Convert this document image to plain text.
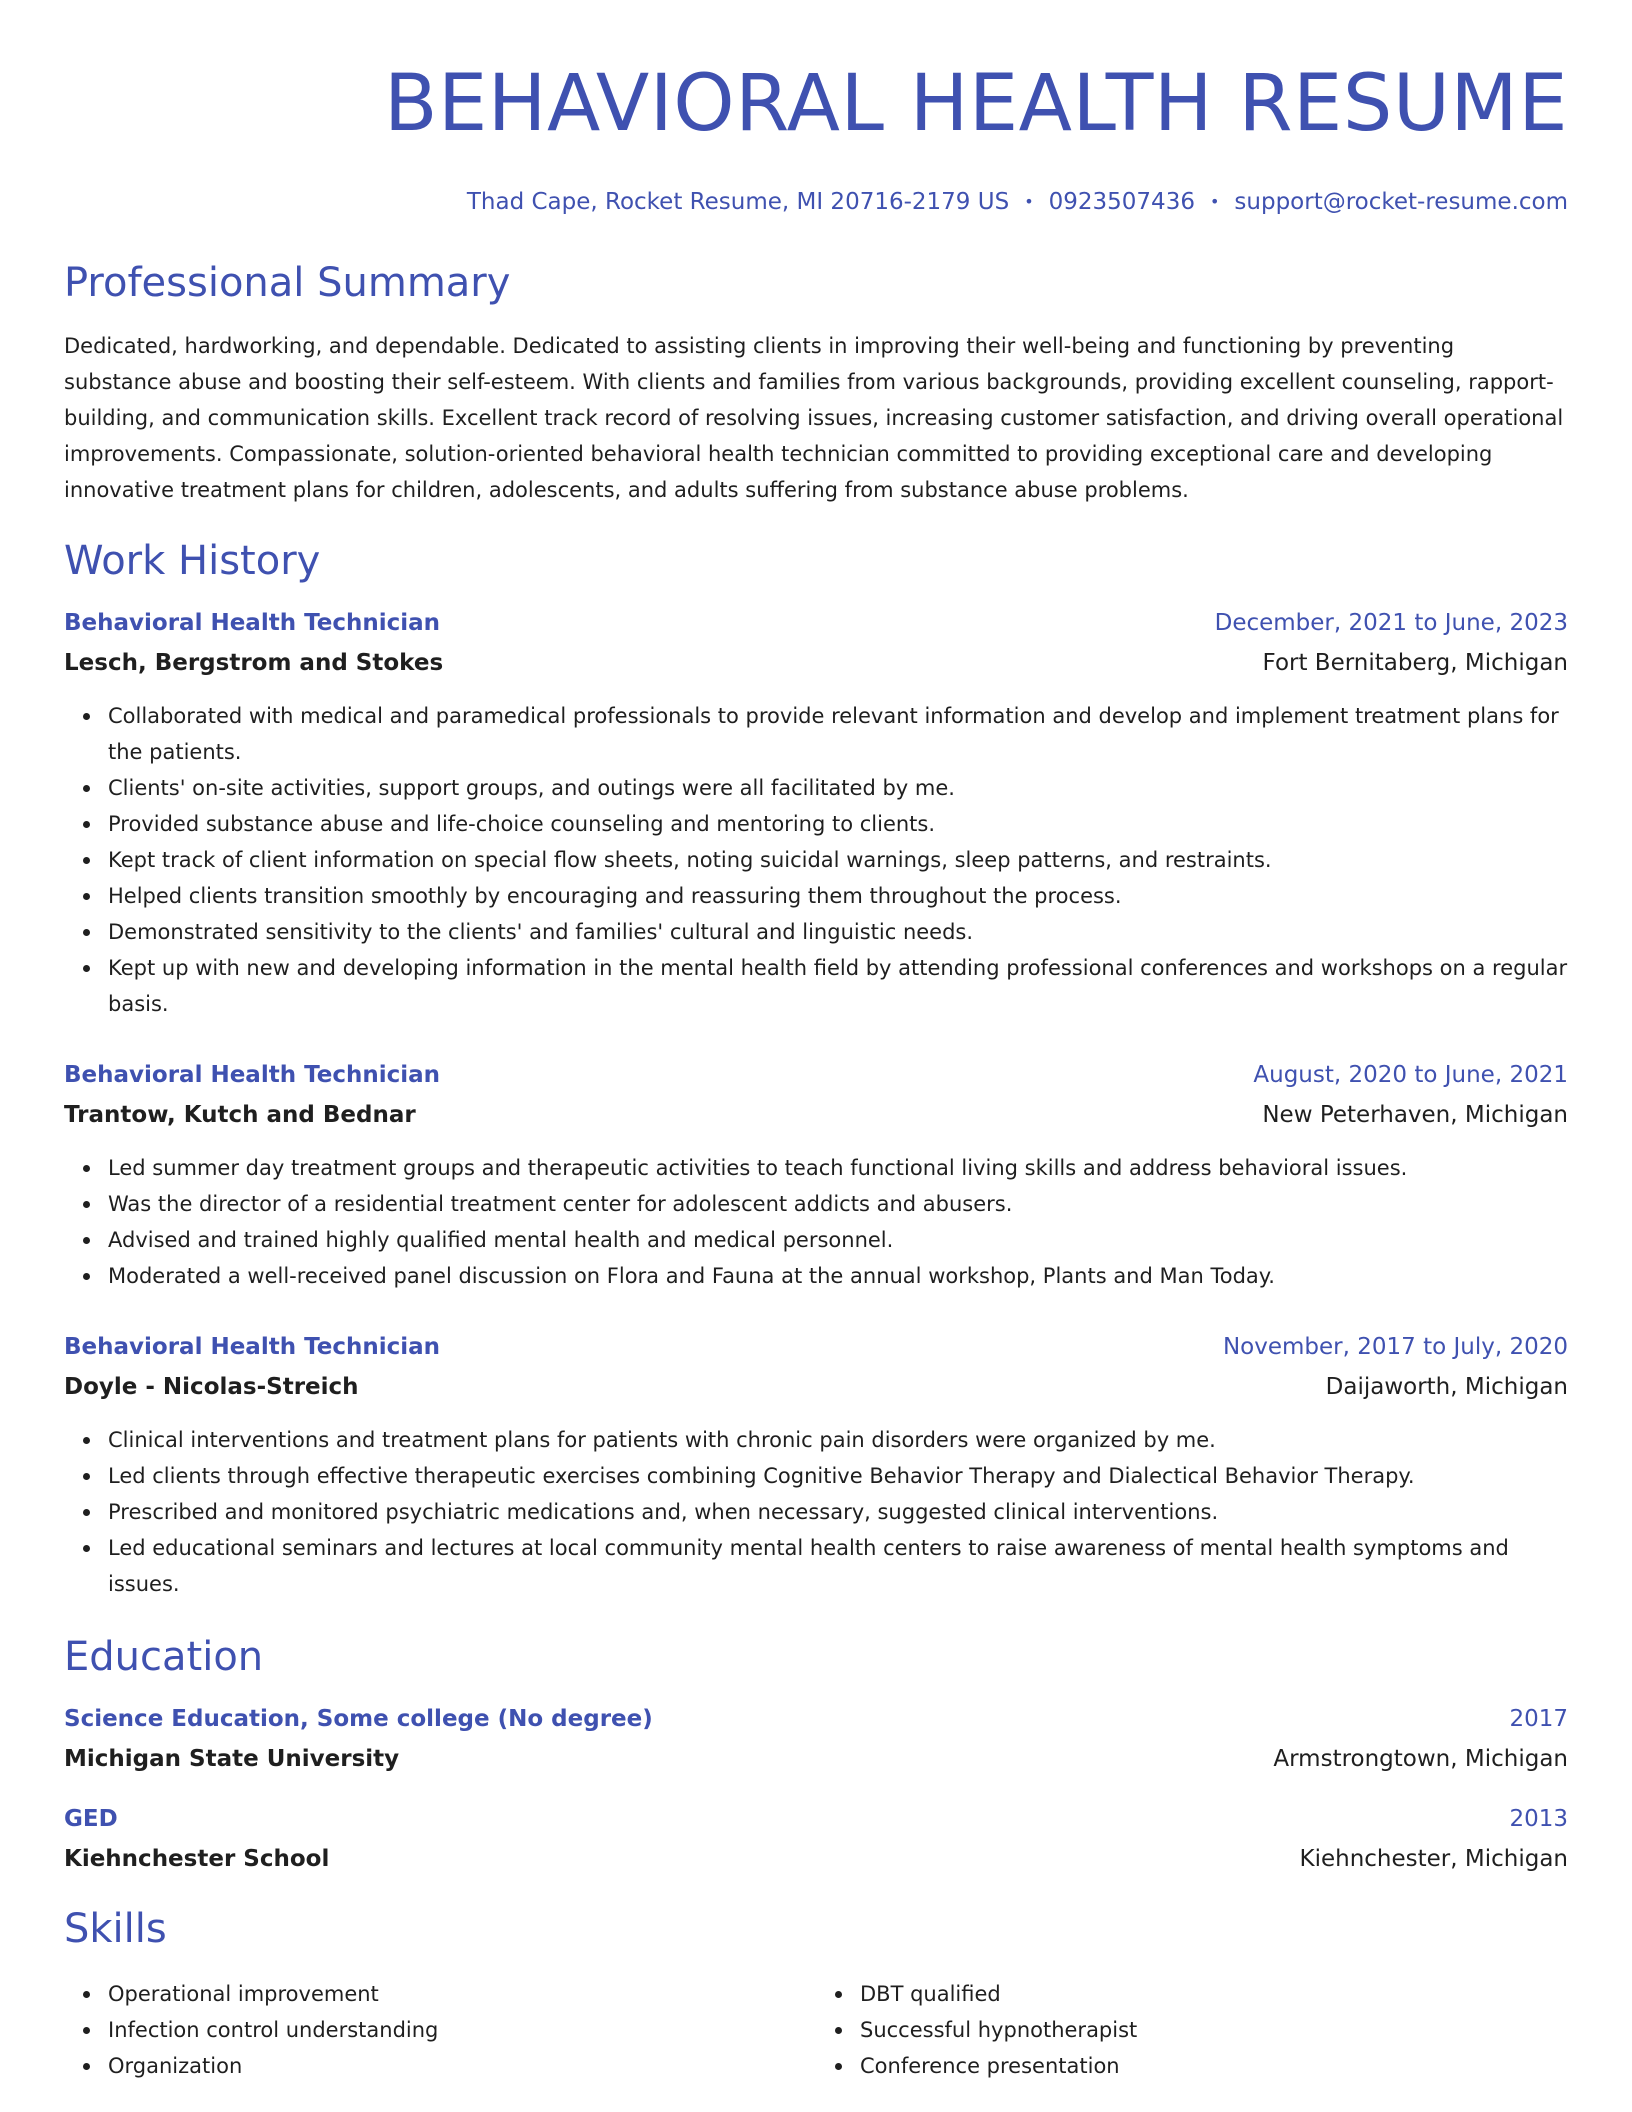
BEHAVIORAL HEALTH RESUME
Thad Cape, Rocket Resume, MI 20716-2179 US • 0923507436 • support@rocket-resume.com
Professional Summary
Dedicated, hardworking, and dependable. Dedicated to assisting clients in improving their well-being and functioning by preventing substance abuse and boosting their self-esteem. With clients and families from various backgrounds, providing excellent counseling, rapport-building, and communication skills. Excellent track record of resolving issues, increasing customer satisfaction, and driving overall operational improvements. Compassionate, solution-oriented behavioral health technician committed to providing exceptional care and developing innovative treatment plans for children, adolescents, and adults suffering from substance abuse problems.
Work History
Behavioral Health Technician	December, 2021 to June, 2023
Lesch, Bergstrom and Stokes	Fort Bernitaberg, Michigan
Collaborated with medical and paramedical professionals to provide relevant information and develop and implement treatment plans for the patients.
Clients' on-site activities, support groups, and outings were all facilitated by me.
Provided substance abuse and life-choice counseling and mentoring to clients.
Kept track of client information on special flow sheets, noting suicidal warnings, sleep patterns, and restraints.
Helped clients transition smoothly by encouraging and reassuring them throughout the process.
Demonstrated sensitivity to the clients' and families' cultural and linguistic needs.
Kept up with new and developing information in the mental health field by attending professional conferences and workshops on a regular basis.
Behavioral Health Technician	August, 2020 to June, 2021
Trantow, Kutch and Bednar	New Peterhaven, Michigan
Led summer day treatment groups and therapeutic activities to teach functional living skills and address behavioral issues.
Was the director of a residential treatment center for adolescent addicts and abusers.
Advised and trained highly qualified mental health and medical personnel.
Moderated a well-received panel discussion on Flora and Fauna at the annual workshop, Plants and Man Today.
Behavioral Health Technician	November, 2017 to July, 2020
Doyle - Nicolas-Streich	Daijaworth, Michigan
Clinical interventions and treatment plans for patients with chronic pain disorders were organized by me.
Led clients through effective therapeutic exercises combining Cognitive Behavior Therapy and Dialectical Behavior Therapy.
Prescribed and monitored psychiatric medications and, when necessary, suggested clinical interventions.
Led educational seminars and lectures at local community mental health centers to raise awareness of mental health symptoms and issues.
Education
Science Education, Some college (No degree)	2017
Michigan State University	Armstrongtown, Michigan
GED	2013
Kiehnchester School	Kiehnchester, Michigan
Skills
Operational improvement
Infection control understanding
Organization
DBT qualified
Successful hypnotherapist
Conference presentation
